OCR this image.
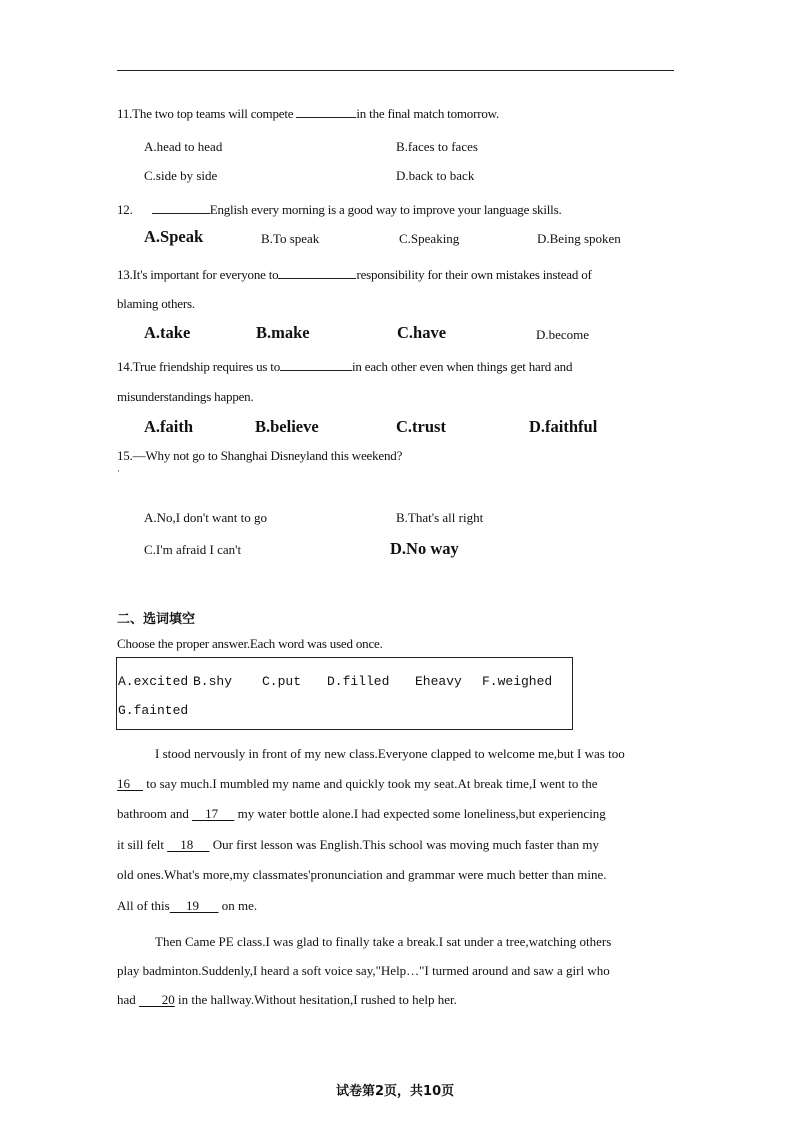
11.The two top teams will compete	in the final match tomorrow.
A.head to head	B.faces to faces
C.side by side	D.back to back
12.	English every morning is a good way to improve your language skills.
A.Speak	B.To speak	C.Speaking	D.Being spoken
13.It's important for everyone to	responsibility for their own mistakes instead of
blaming others.
A.take	B.make	C.have	D.become
14.True friendship requires us to	in each other even when things get hard and
misunderstandings happen.
A.faith	B.believe	C.trust	D.faithful
15.—Why not go to Shanghai Disneyland this weekend?
·
A.No,I don't want to go	B.That's all right
C.I'm afraid I can't	D.No way
二、选词填空
Choose the proper answer.Each word was used once.
A.excited B.shy C.put D.filled Eheavy F.weighed
G.fainted
I stood nervously in front of my new class.Everyone clapped to welcome me,but I was too
16     to say much.I mumbled my name and quickly took my seat.At break time,I went to the
bathroom and     17      my water bottle alone.I had expected some loneliness,but experiencing
it sill felt     18      Our first lesson was English.This school was moving much faster than my
old ones.What's more,my classmates'pronunciation and grammar were much better than mine.
All of this     19       on me.
Then Came PE class.I was glad to finally take a break.I sat under a tree,watching others
play badminton.Suddenly,I heard a soft voice say,"Help…"I turmed around and saw a girl who
had        20 in the hallway.Without hesitation,I rushed to help her.
试卷第2页，共10页
